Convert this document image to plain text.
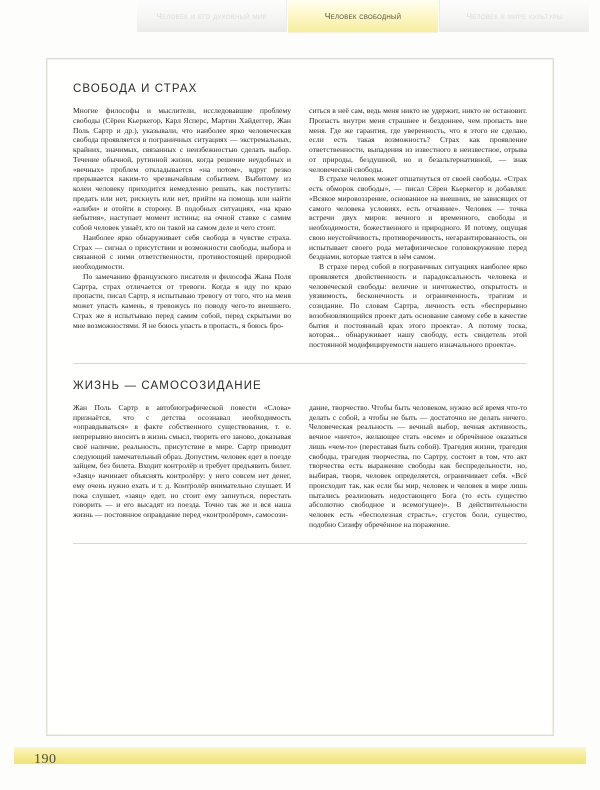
Человек и его духовный мир	Человек свободный	Человек в мире культуры
СВОБОДА И СТРАХ

Многие философы и мыслители, исследовавшие проблему свободы (Сёрен Кьеркегор, Карл Ясперс, Мартин Хайдеггер, Жан Поль Сартр и др.), указывали, что наиболее ярко человеческая свобода проявляется в пограничных ситуациях — экстремальных, крайних, значимых, связанных с неизбежностью сделать выбор. Течение обычной, рутинной жизни, когда решение неудобных и «вечных» проблем откладывается «на потом», вдруг резко прерывается каким-то чрезвычайным событием. Выбитому из колеи человеку приходится немедленно решать, как поступить: предать или нет, рискнуть или нет, прийти на помощь или найти «алиби» и отойти в сторону. В подобных ситуациях, «на краю небытия», наступает момент истины; на очной ставке с самим собой человек узнаёт, кто он такой на самом деле и чего стоит.

Наиболее ярко обнаруживает себя свобода в чувстве страха. Страх — сигнал о присутствии и возможности свободы, выбора и связанной с ними ответственности, противостоящей природной необходимости.

По замечанию французского писателя и философа Жана Поля Сартра, страх отличается от тревоги. Когда я иду по краю пропасти, писал Сартр, я испытываю тревогу от того, что на меня может упасть камень, я тревожусь по поводу чего-то внешнего. Страх же я испытываю перед самим собой, перед скрытыми во мне возможностями. Я не боюсь упасть в пропасть, я боюсь бро-

ситься в неё сам, ведь меня никто не удержит, никто не остановит. Пропасть внутри меня страшнее и бездоннее, чем пропасть вне меня. Где же гарантия, где уверенность, что я этого не сделаю, если есть такая возможность? Страх как проявление ответственности, выпадения из известного в неизвестное, отрыва от природы, бездушной, но и безальтернативной, — знак человеческой свободы.

В страхе человек может отшатнуться от своей свободы. «Страх есть обморок свободы», — писал Сёрен Кьеркегор и добавлял: «Всякое мировоззрение, основанное на внешних, не зависящих от самого человека условиях, есть отчаяние». Человек — точка встречи двух миров: вечного и временного, свободы и необходимости, божественного и природного. И потому, ощущая свою неустойчивость, противоречивость, негарантированность, он испытывает своего рода метафизическое головокружение перед безднами, которые таятся в нём самом.

В страхе перед собой в пограничных ситуациях наиболее ярко проявляется двойственность и парадоксальность человека и человеческой свободы: величие и ничтожество, открытость и уязвимость, бесконечность и ограниченность, трагизм и созидание. По словам Сартра, личность есть «беспрерывно возобновляющийся проект дать основание самому себе в качестве бытия и постоянный крах этого проекта». А потому тоска, которая... обнаруживает нашу свободу, есть свидетель этой постоянной модифицируемости нашего изначального проекта».

ЖИЗНЬ — САМОСОЗИДАНИЕ

Жан Поль Сартр в автобиографической повести «Слова» признаётся, что с детства осознавал необходимость «оправдываться» в факте собственного существования, т. е. непрерывно вносить в жизнь смысл, творить его заново, доказывая своё наличие, реальность, присутствие в мире. Сартр приводит следующий замечательный образ. Допустим, человек едет в поезде зайцем, без билета. Входит контролёр и требует предъявить билет. «Заяц» начинает объяснять контролёру: у него совсем нет денег, ему очень нужно ехать и т. д. Контролёр внимательно слушает. И пока слушает, «заяц» едет, но стоит ему запнуться, перестать говорить — и его высадят из поезда. Точно так же и вся наша жизнь — постоянное оправдание перед «контролёром», самосози-

дание, творчество. Чтобы быть человеком, нужно всё время что-то делать с собой, а чтобы не быть — достаточно не делать ничего. Человеческая реальность — вечный выбор, вечная активность, вечное «ничто», желающее стать «всем» и обречённое оказаться лишь «чем-то» (переставая быть собой). Трагедия жизни, трагедия свободы, трагедия творчества, по Сартру, состоит в том, что акт творчества есть выражение свободы как беспредельности, но, выбирая, творя, человек определяется, ограничивает себя. «Всё происходит так, как если бы мир, человек и человек в мире лишь пытались реализовать недостающего Бога (то есть существо абсолютно свободное и всемогущее)». В действительности человек есть «бесполезная страсть», сгусток боли, существо, подобно Сизифу обречённое на поражение.

190
